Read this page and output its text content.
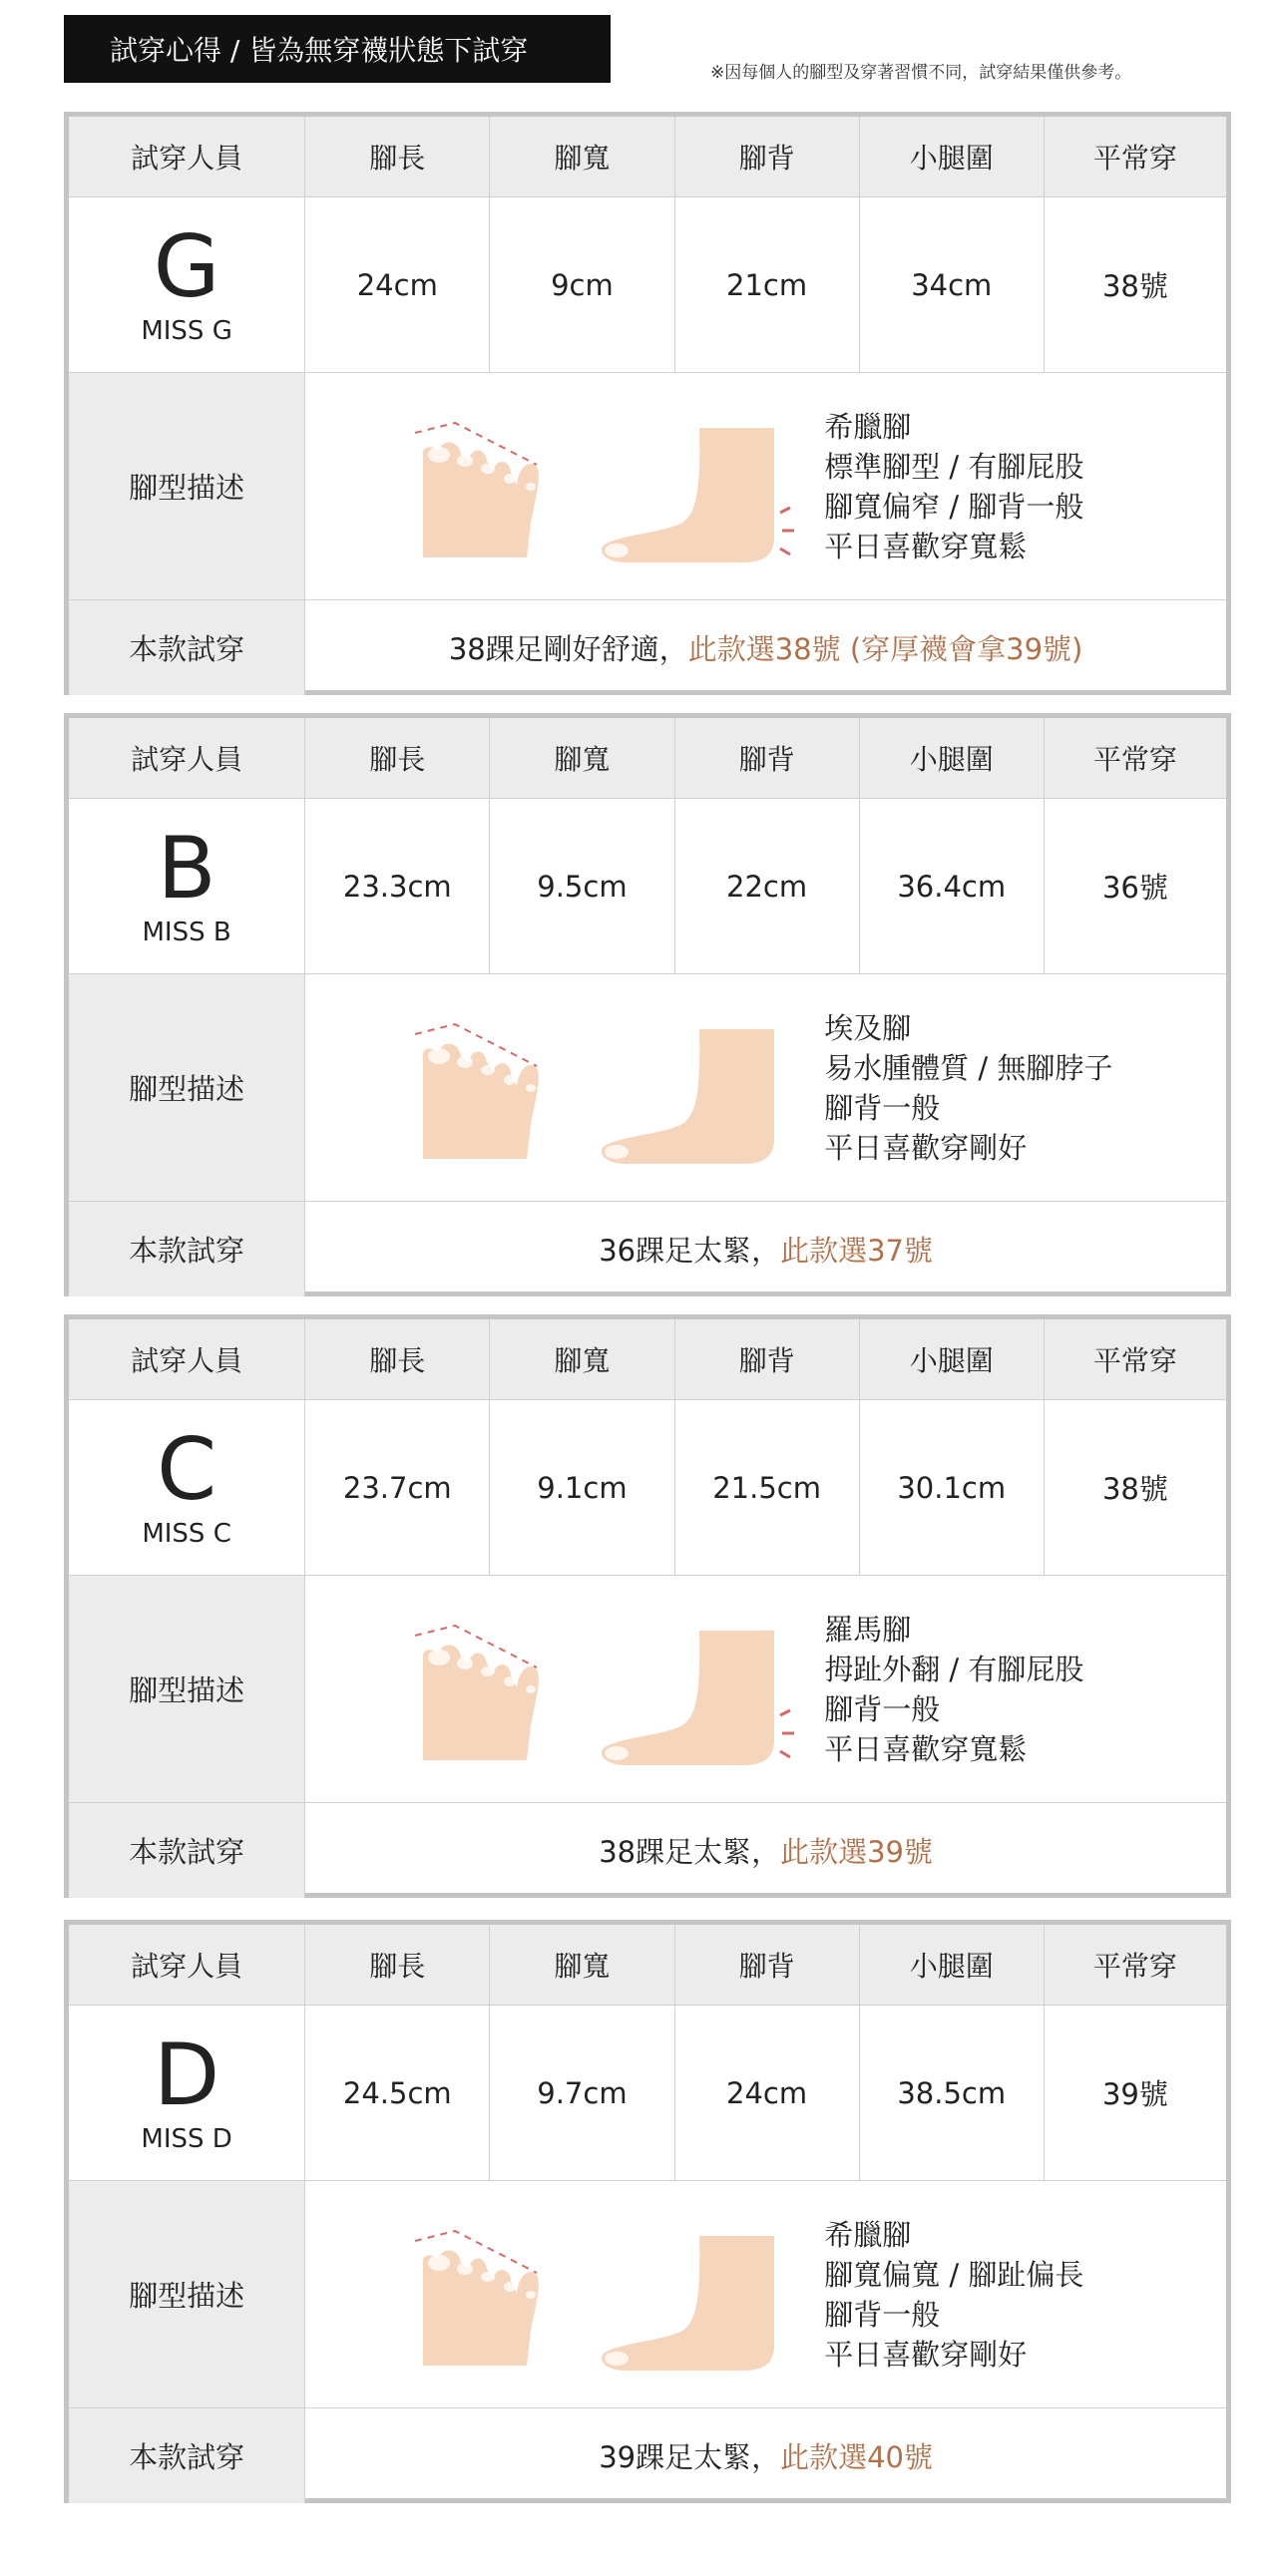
試穿心得 / 皆為無穿襪狀態下試穿
※因每個人的腳型及穿著習慣不同，試穿結果僅供參考。
試穿人員	腳長	腳寬	腳背	小腿圍	平常穿

G
MISS G	24cm	9cm	21cm	34cm	38號
腳型描述	希臘腳
標準腳型 / 有腳屁股
腳寬偏窄 / 腳背一般
平日喜歡穿寬鬆				

本款試穿	38踝足剛好舒適，此款選38號 (穿厚襪會拿39號)				
試穿人員	腳長	腳寬	腳背	小腿圍	平常穿

B
MISS B	23.3cm	9.5cm	22cm	36.4cm	36號
腳型描述	埃及腳
易水腫體質 / 無腳脖子
腳背一般
平日喜歡穿剛好				

本款試穿	36踝足太緊，此款選37號				
試穿人員	腳長	腳寬	腳背	小腿圍	平常穿

C
MISS C	23.7cm	9.1cm	21.5cm	30.1cm	38號
腳型描述	羅馬腳
拇趾外翻 / 有腳屁股
腳背一般
平日喜歡穿寬鬆				

本款試穿	38踝足太緊，此款選39號				
試穿人員	腳長	腳寬	腳背	小腿圍	平常穿

D
MISS D	24.5cm	9.7cm	24cm	38.5cm	39號
腳型描述	希臘腳
腳寬偏寬 / 腳趾偏長
腳背一般
平日喜歡穿剛好				

本款試穿	39踝足太緊，此款選40號				
